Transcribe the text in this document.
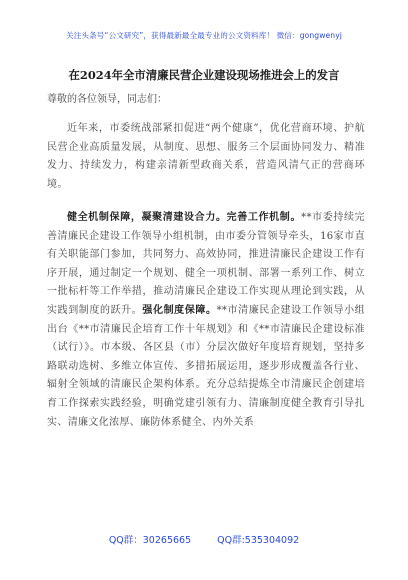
关注头条号“公文研究”，获得最新最全最专业的公文资料库！ 微信：gongwenyj
在2024年全市清廉民营企业建设现场推进会上的发言
尊敬的各位领导，同志们：
近年来，市委统战部紧扣促进“两个健康”，优化营商环境、护航民营企业高质量发展，从制度、思想、服务三个层面协同发力、精准发力、持续发力，构建亲清新型政商关系，营造风清气正的营商环境。
健全机制保障，凝聚清建设合力。完善工作机制。**市委持续完善清廉民企建设工作领导小组机制，由市委分管领导牵头，16家市直有关职能部门参加，共同努力、高效协同，推进清廉民企建设工作有序开展，通过制定一个规划、健全一项机制、部署一系列工作、树立一批标杆等工作举措，推动清廉民企建设工作实现从理论到实践，从实践到制度的跃升。强化制度保障。**市清廉民企建设工作领导小组出台《**市清廉民企培育工作十年规划》和《**市清廉民企建设标准（试行）》。市本级、各区县（市）分层次做好年度培育规划，坚持多路联动选树、多维立体宣传、多措拓展运用，逐步形成覆盖各行业、辐射全领域的清廉民企架构体系。充分总结提炼全市清廉民企创建培育工作探索实践经验，明确党建引领有力、清廉制度健全教育引导扎实、清廉文化浓厚、廉防体系健全、内外关系
QQ群：30265665	QQ群:535304092
